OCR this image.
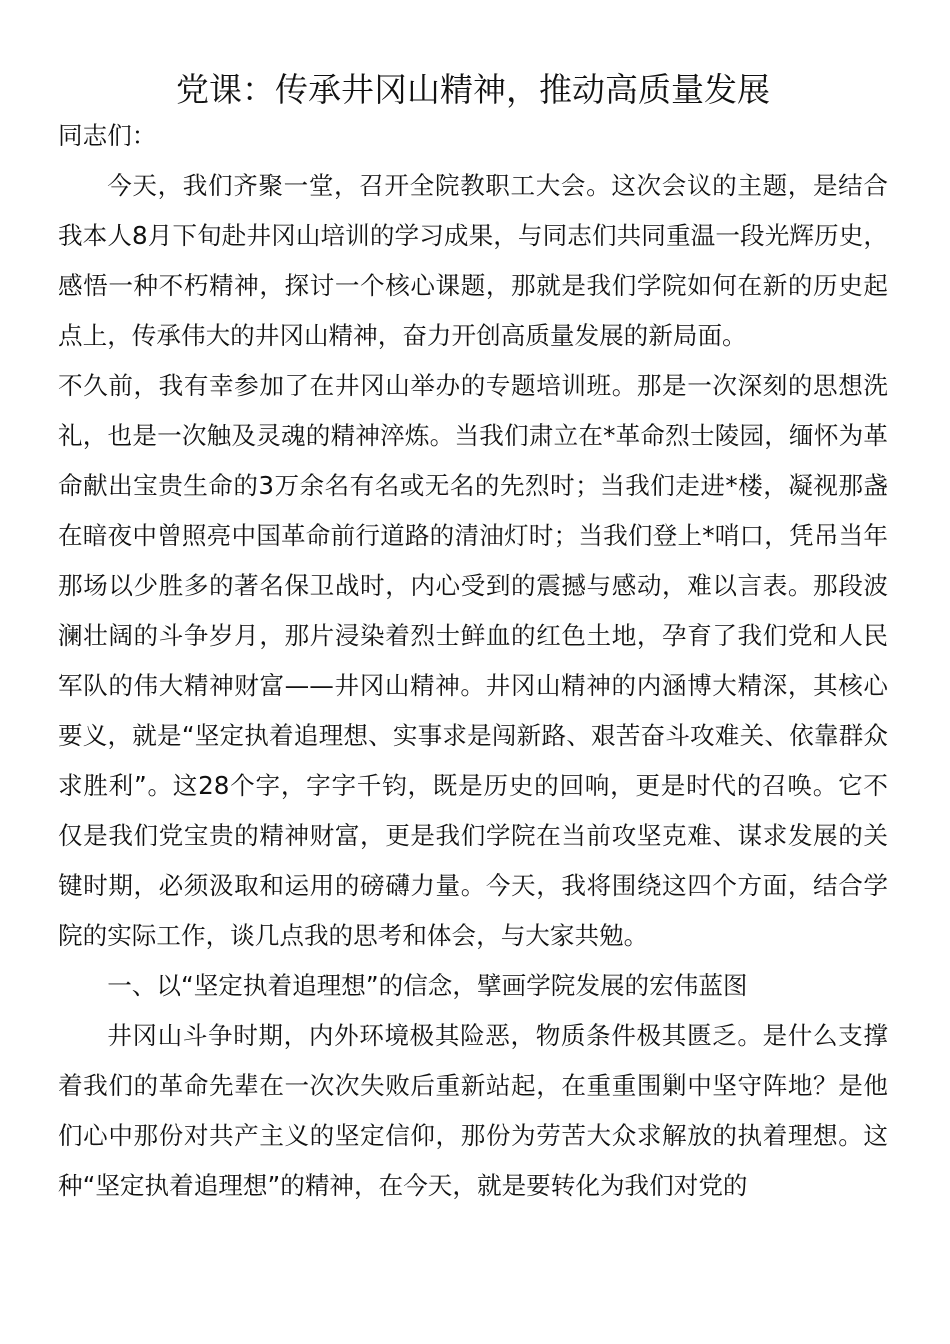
党课：传承井冈山精神，推动高质量发展

同志们：

今天，我们齐聚一堂，召开全院教职工大会。这次会议的主题，是结合我本人8月下旬赴井冈山培训的学习成果，与同志们共同重温一段光辉历史，感悟一种不朽精神，探讨一个核心课题，那就是我们学院如何在新的历史起点上，传承伟大的井冈山精神，奋力开创高质量发展的新局面。

不久前，我有幸参加了在井冈山举办的专题培训班。那是一次深刻的思想洗礼，也是一次触及灵魂的精神淬炼。当我们肃立在*革命烈士陵园，缅怀为革命献出宝贵生命的3万余名有名或无名的先烈时；当我们走进*楼，凝视那盏在暗夜中曾照亮中国革命前行道路的清油灯时；当我们登上*哨口，凭吊当年那场以少胜多的著名保卫战时，内心受到的震撼与感动，难以言表。那段波澜壮阔的斗争岁月，那片浸染着烈士鲜血的红色土地，孕育了我们党和人民军队的伟大精神财富——井冈山精神。井冈山精神的内涵博大精深，其核心要义，就是“坚定执着追理想、实事求是闯新路、艰苦奋斗攻难关、依靠群众求胜利”。这28个字，字字千钧，既是历史的回响，更是时代的召唤。它不仅是我们党宝贵的精神财富，更是我们学院在当前攻坚克难、谋求发展的关键时期，必须汲取和运用的磅礴力量。今天，我将围绕这四个方面，结合学院的实际工作，谈几点我的思考和体会，与大家共勉。

一、以“坚定执着追理想”的信念，擘画学院发展的宏伟蓝图

井冈山斗争时期，内外环境极其险恶，物质条件极其匮乏。是什么支撑着我们的革命先辈在一次次失败后重新站起，在重重围剿中坚守阵地？是他们心中那份对共产主义的坚定信仰，那份为劳苦大众求解放的执着理想。这种“坚定执着追理想”的精神，在今天，就是要转化为我们对党的
